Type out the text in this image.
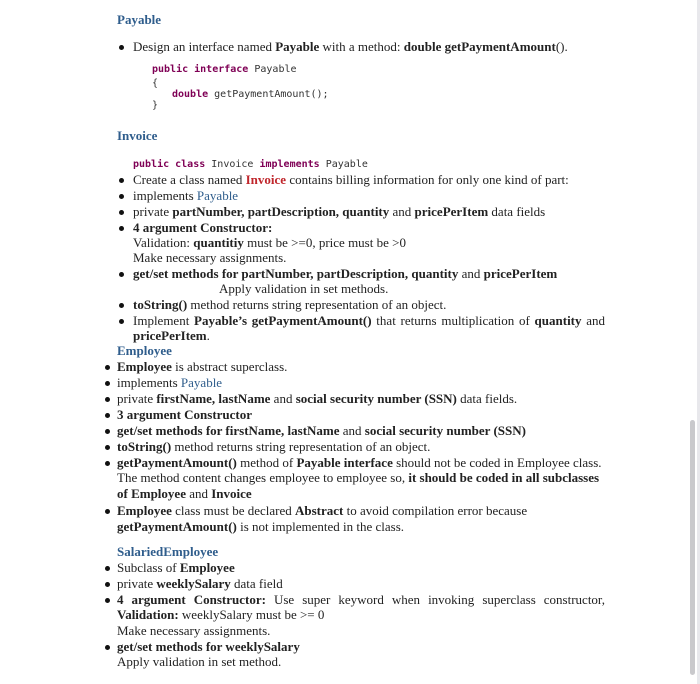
Payable
Design an interface named Payable with a method: double getPaymentAmount().
public interface Payable
{
double getPaymentAmount();
}
Invoice
public class Invoice implements Payable
Create a class named Invoice contains billing information for only one kind of part:
implements Payable
private partNumber, partDescription, quantity and pricePerItem data fields
4 argument Constructor:
Validation: quantitiy must be >=0, price must be >0
Make necessary assignments.
get/set methods for partNumber, partDescription, quantity and pricePerItem
Apply validation in set methods.
toString() method returns string representation of an object.
Implement Payable’s getPaymentAmount() that returns multiplication of quantity and
pricePerItem.
Employee
Employee is abstract superclass.
implements Payable
private firstName, lastName and social security number (SSN) data fields.
3 argument Constructor
get/set methods for firstName, lastName and social security number (SSN)
toString() method returns string representation of an object.
getPaymentAmount() method of Payable interface should not be coded in Employee class.
The method content changes employee to employee so, it should be coded in all subclasses
of Employee and Invoice
Employee class must be declared Abstract to avoid compilation error because
getPaymentAmount() is not implemented in the class.
SalariedEmployee
Subclass of Employee
private weeklySalary data field
4 argument Constructor: Use super keyword when invoking superclass constructor,
Validation: weeklySalary must be >= 0
Make necessary assignments.
get/set methods for weeklySalary
Apply validation in set method.
